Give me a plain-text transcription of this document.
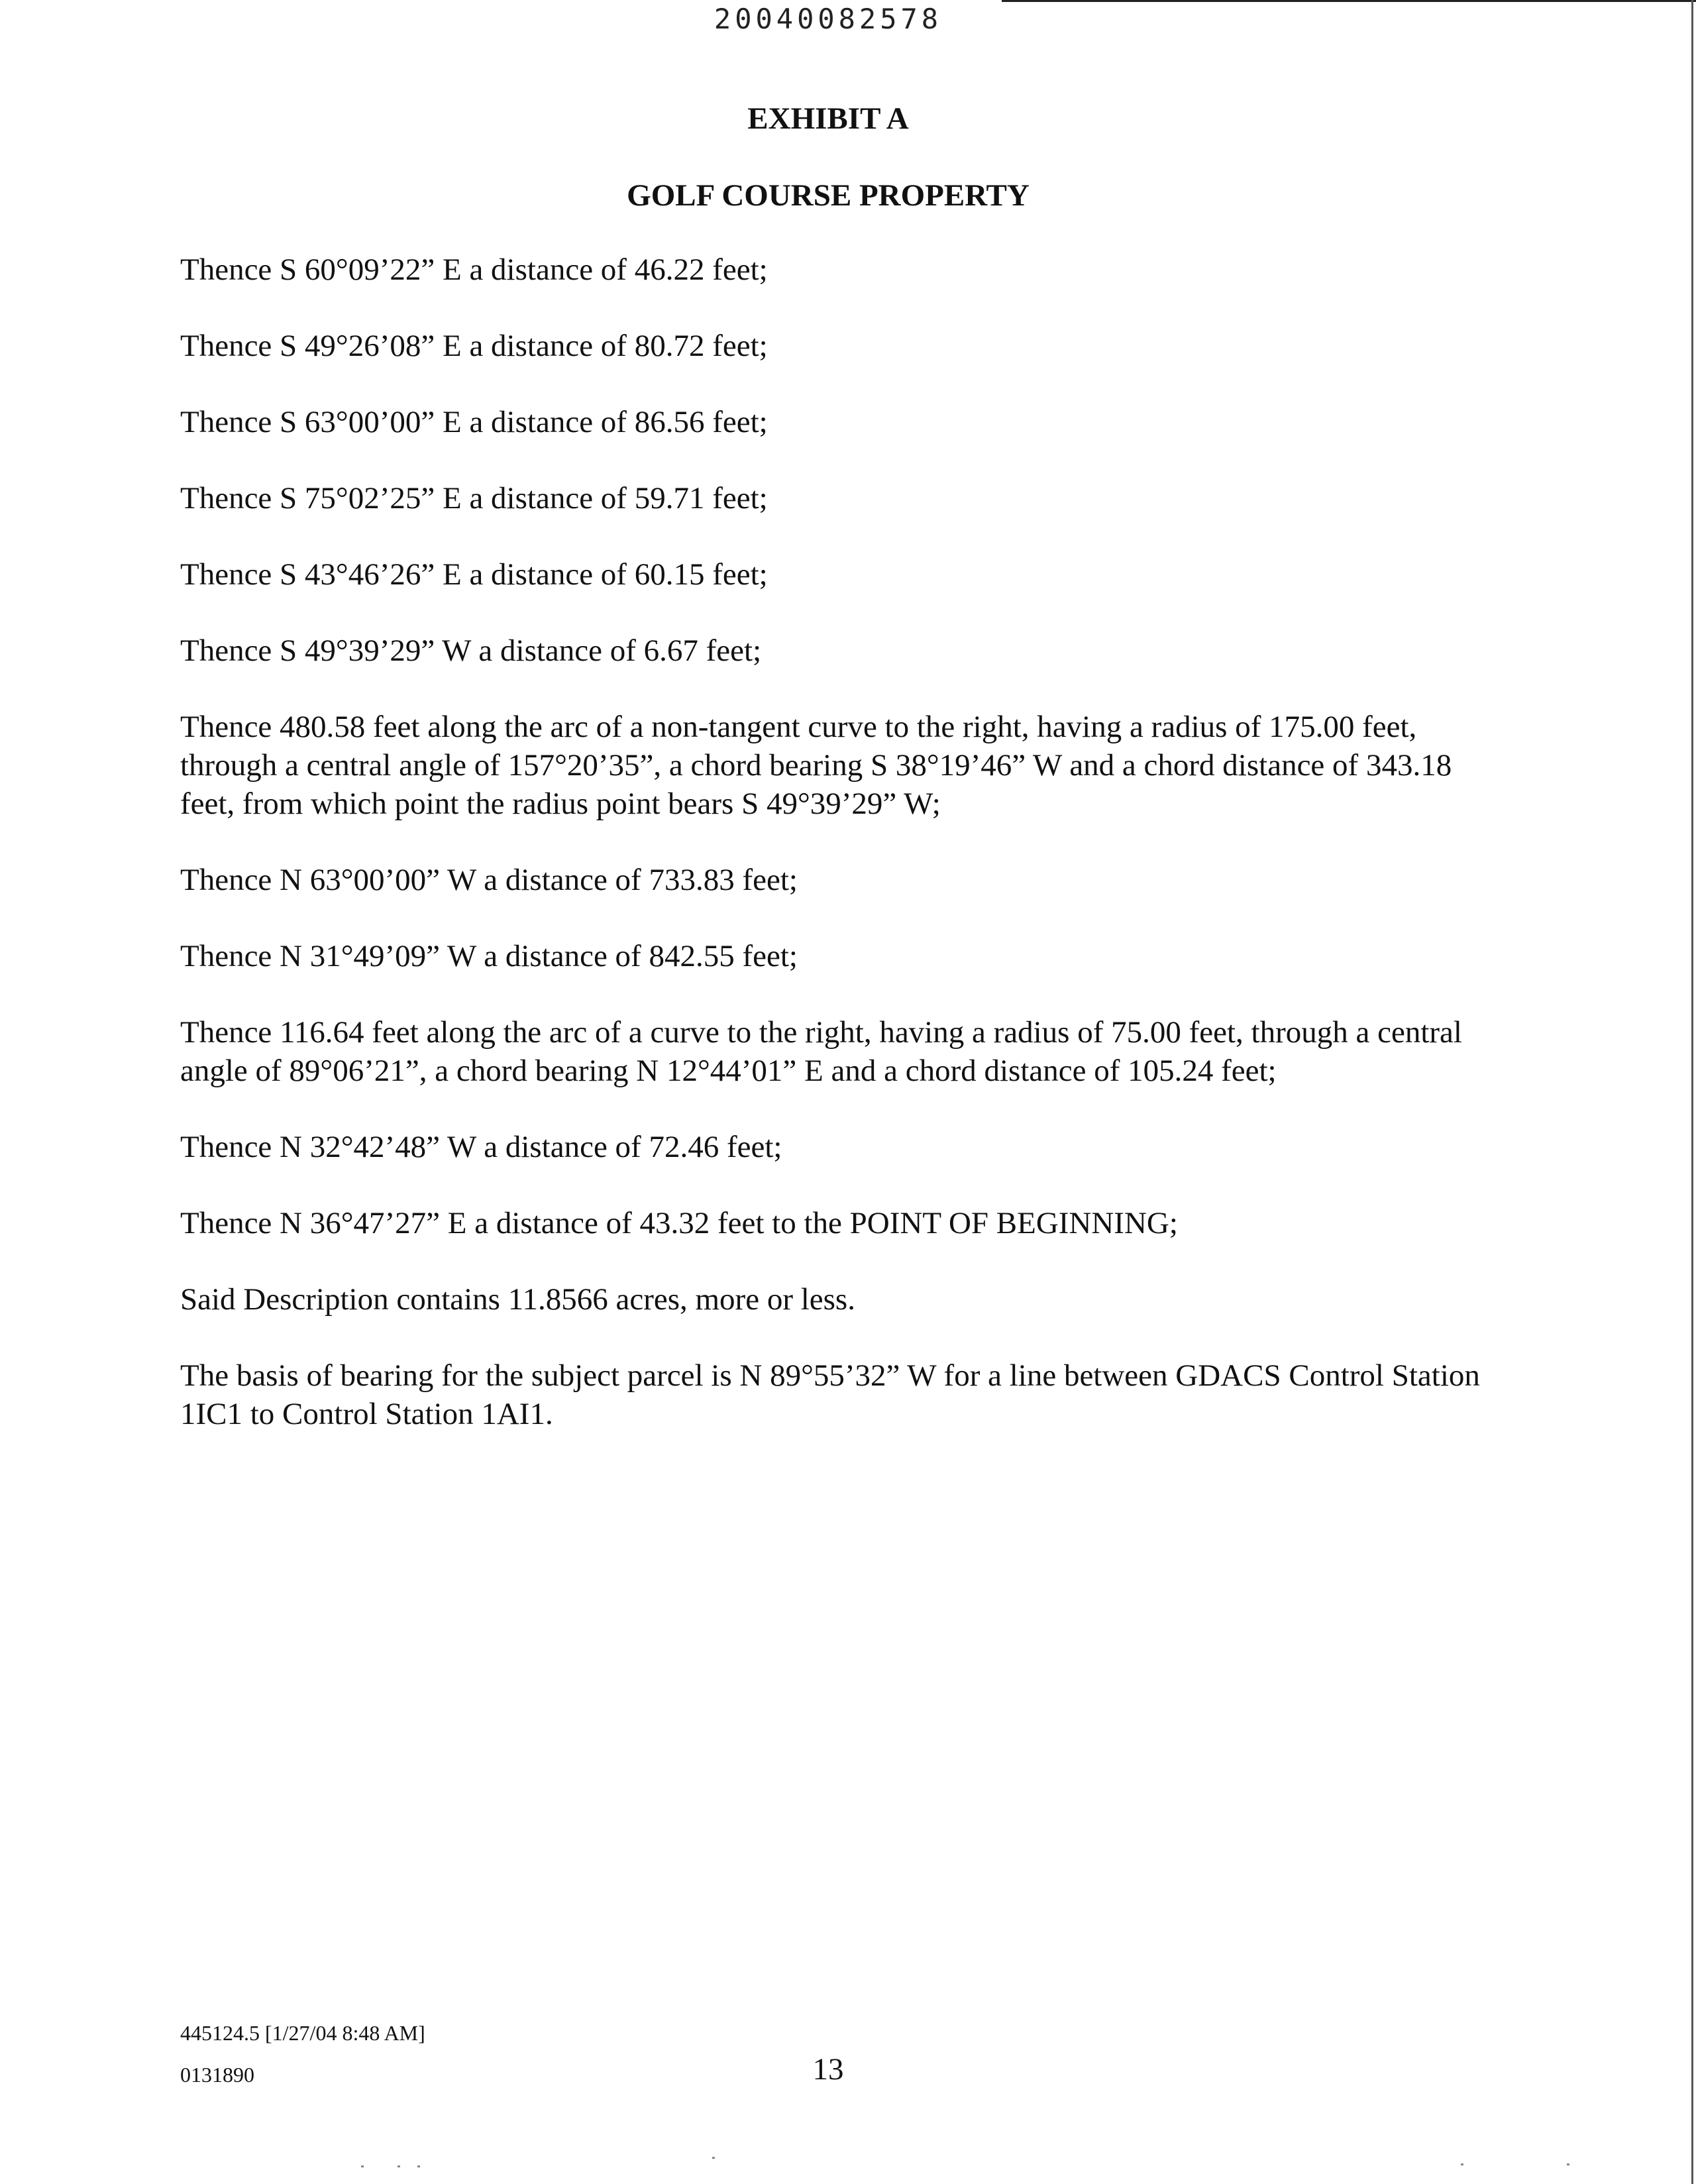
20040082578
EXHIBIT A
GOLF COURSE PROPERTY

Thence S 60°09’22” E a distance of 46.22 feet;

Thence S 49°26’08” E a distance of 80.72 feet;

Thence S 63°00’00” E a distance of 86.56 feet;

Thence S 75°02’25” E a distance of 59.71 feet;

Thence S 43°46’26” E a distance of 60.15 feet;

Thence S 49°39’29” W a distance of 6.67 feet;

Thence 480.58 feet along the arc of a non-tangent curve to the right, having a radius of 175.00 feet, through a central angle of 157°20’35”, a chord bearing S 38°19’46” W and a chord distance of 343.18 feet, from which point the radius point bears S 49°39’29” W;

Thence N 63°00’00” W a distance of 733.83 feet;

Thence N 31°49’09” W a distance of 842.55 feet;

Thence 116.64 feet along the arc of a curve to the right, having a radius of 75.00 feet, through a central angle of 89°06’21”, a chord bearing N 12°44’01” E and a chord distance of 105.24 feet;

Thence N 32°42’48” W a distance of 72.46 feet;

Thence N 36°47’27” E a distance of 43.32 feet to the POINT OF BEGINNING;

Said Description contains 11.8566 acres, more or less.

The basis of bearing for the subject parcel is N 89°55’32” W for a line between GDACS Control Station 1IC1 to Control Station 1AI1.

445124.5 [1/27/04 8:48 AM]
0131890	13
